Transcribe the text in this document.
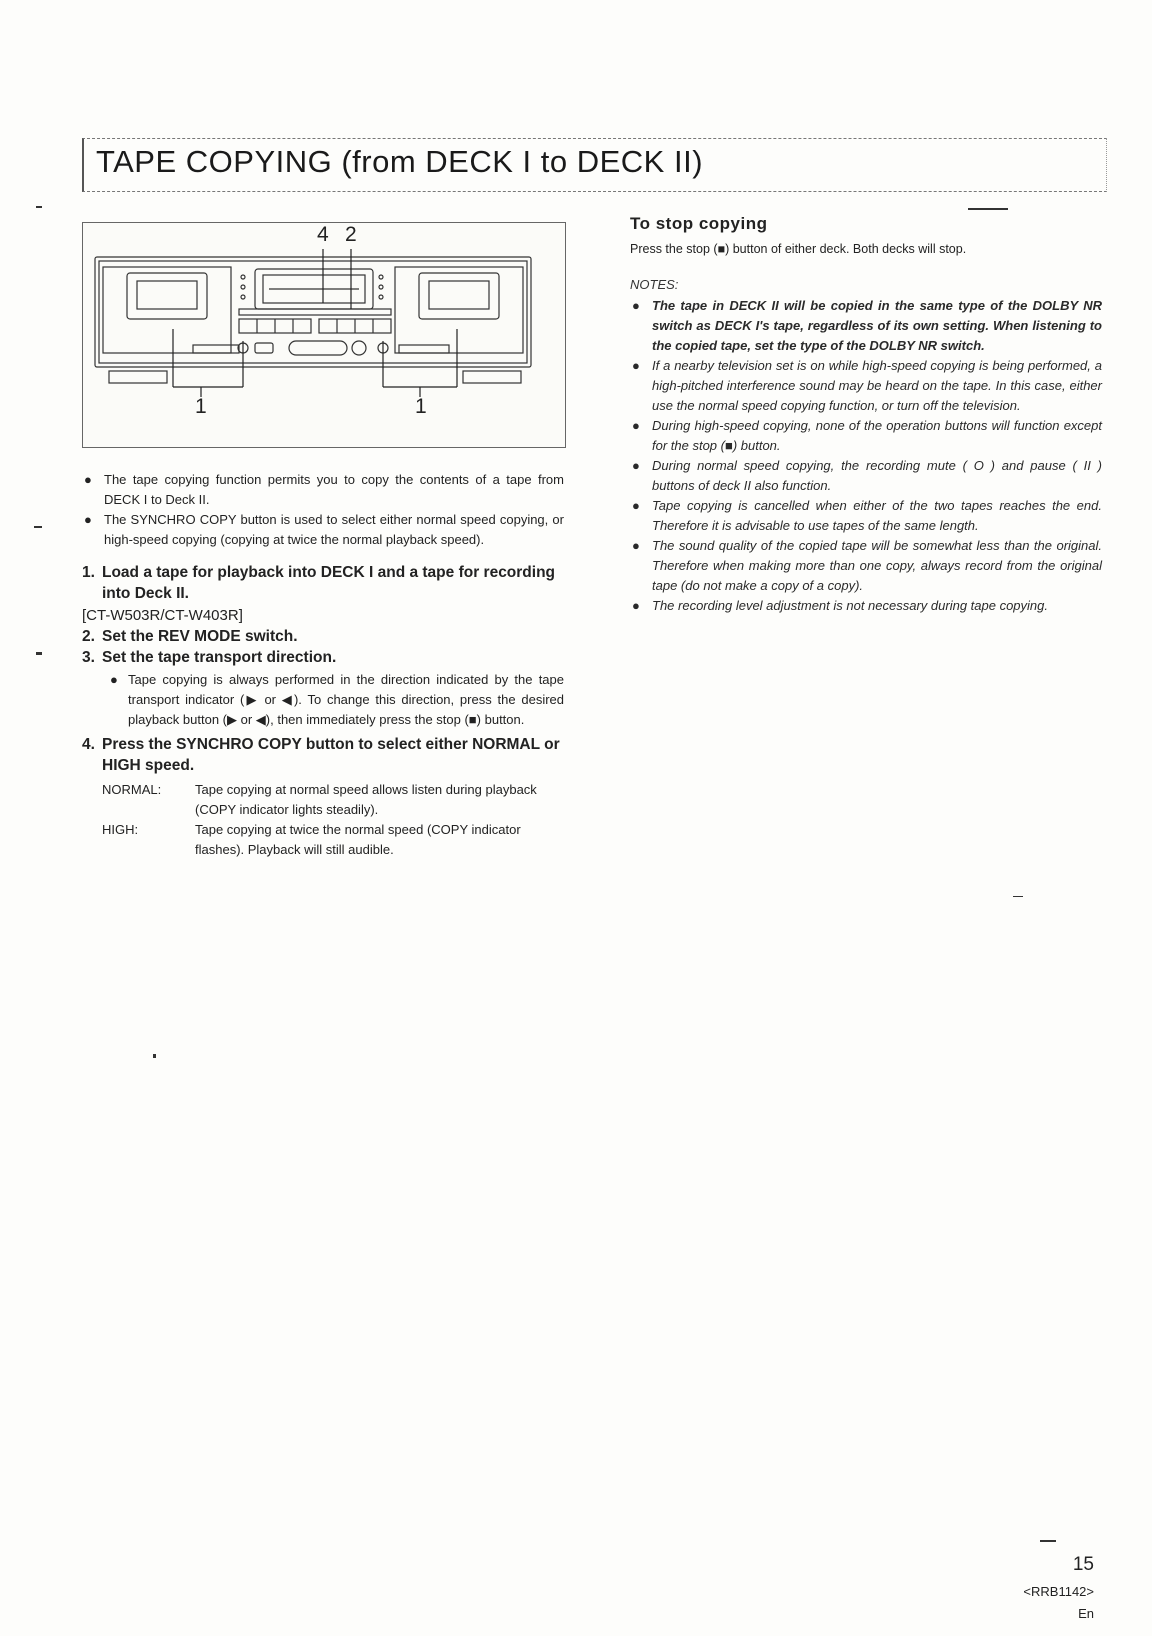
TAPE COPYING (from DECK I to DECK II)
4 2
1	1

● The tape copying function permits you to copy the contents of a tape from DECK I to Deck II.

● The SYNCHRO COPY button is used to select either normal speed copying, or high-speed copying (copying at twice the normal playback speed).

1. Load a tape for playback into DECK I and a tape for recording into Deck II.

[CT-W503R/CT-W403R]

2. Set the REV MODE switch.

3. Set the tape transport direction.

● Tape copying is always performed in the direction indicated by the tape transport indicator (▶ or ◀). To change this direction, press the desired playback button (▶ or ◀), then immediately press the stop (■) button.

4. Press the SYNCHRO COPY button to select either NORMAL or HIGH speed.

NORMAL:	Tape copying at normal speed allows listen during playback (COPY indicator lights steadily).
HIGH:	Tape copying at twice the normal speed (COPY indicator flashes). Playback will still audible.
To stop copying

Press the stop (■) button of either deck. Both decks will stop.

NOTES:

● The tape in DECK II will be copied in the same type of the DOLBY NR switch as DECK I's tape, regardless of its own setting. When listening to the copied tape, set the type of the DOLBY NR switch.

● If a nearby television set is on while high-speed copying is being performed, a high-pitched interference sound may be heard on the tape. In this case, either use the normal speed copying function, or turn off the television.

● During high-speed copying, none of the operation buttons will function except for the stop (■) button.

● During normal speed copying, the recording mute ( O ) and pause ( II ) buttons of deck II also function.

● Tape copying is cancelled when either of the two tapes reaches the end. Therefore it is advisable to use tapes of the same length.

● The sound quality of the copied tape will be somewhat less than the original. Therefore when making more than one copy, always record from the original tape (do not make a copy of a copy).

● The recording level adjustment is not necessary during tape copying.

15
<RRB1142>
En
